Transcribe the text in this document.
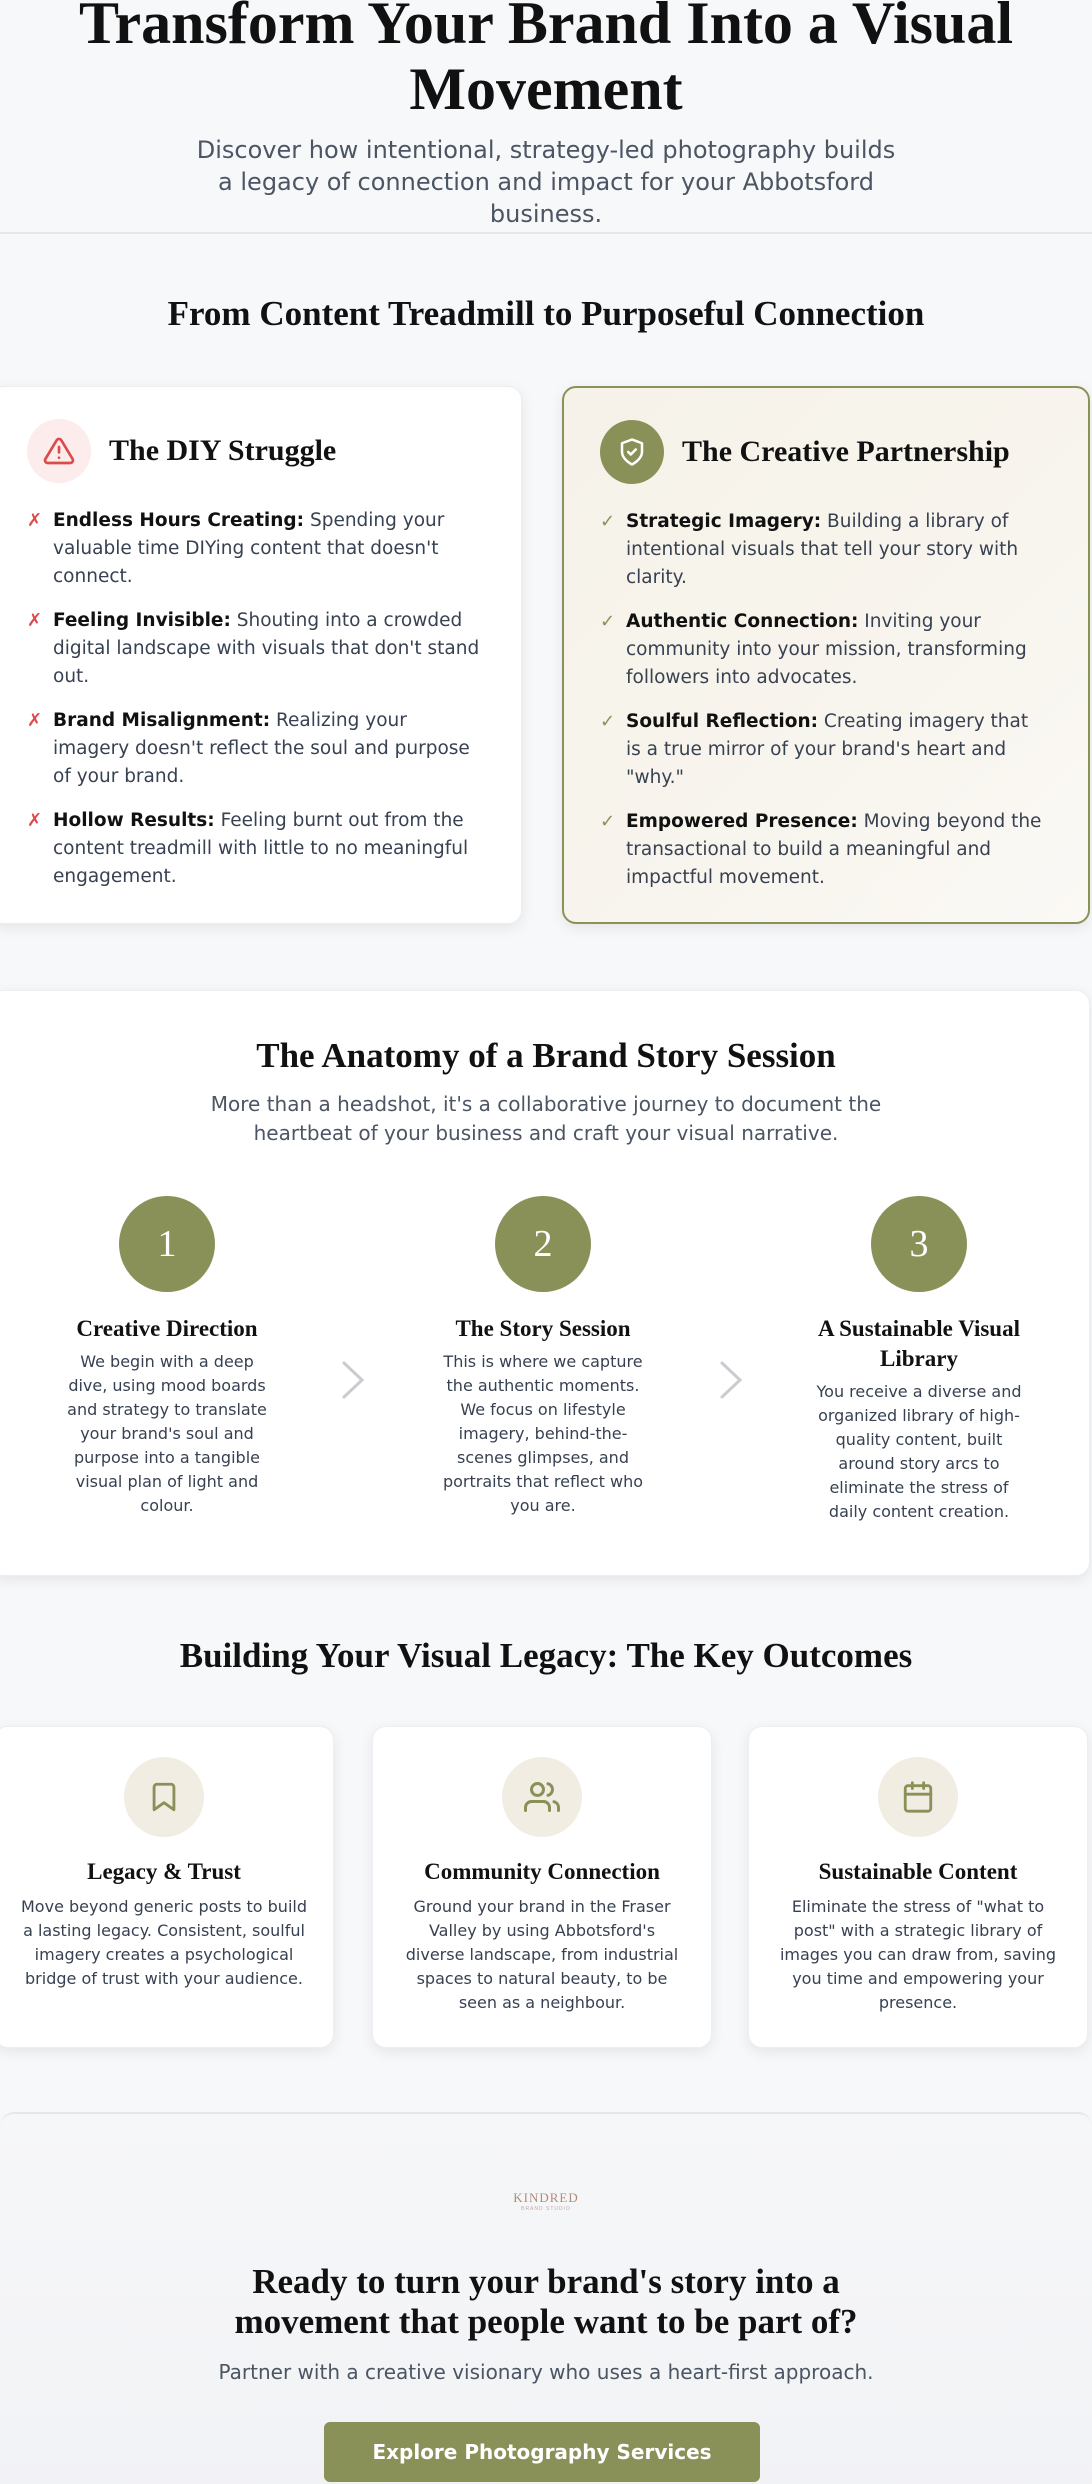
Transform Your Brand Into a Visual Movement

Discover how intentional, strategy-led photography builds a legacy of connection and impact for your Abbotsford business.

From Content Treadmill to Purposeful Connection
The DIY Struggle
✗ Endless Hours Creating: Spending your valuable time DIYing content that doesn't connect.
✗ Feeling Invisible: Shouting into a crowded digital landscape with visuals that don't stand out.
✗ Brand Misalignment: Realizing your imagery doesn't reflect the soul and purpose of your brand.
✗ Hollow Results: Feeling burnt out from the content treadmill with little to no meaningful engagement.
The Creative Partnership
✓ Strategic Imagery: Building a library of intentional visuals that tell your story with clarity.
✓ Authentic Connection: Inviting your community into your mission, transforming followers into advocates.
✓ Soulful Reflection: Creating imagery that is a true mirror of your brand's heart and "why."
✓ Empowered Presence: Moving beyond the transactional to build a meaningful and impactful movement.
The Anatomy of a Brand Story Session

More than a headshot, it's a collaborative journey to document the heartbeat of your business and craft your visual narrative.

1
Creative Direction
We begin with a deep dive, using mood boards and strategy to translate your brand's soul and purpose into a tangible visual plan of light and colour.
2
The Story Session
This is where we capture the authentic moments. We focus on lifestyle imagery, behind-the-scenes glimpses, and portraits that reflect who you are.
3
A Sustainable Visual Library
You receive a diverse and organized library of high-quality content, built around story arcs to eliminate the stress of daily content creation.
Building Your Visual Legacy: The Key Outcomes
Legacy & Trust
Move beyond generic posts to build a lasting legacy. Consistent, soulful imagery creates a psychological bridge of trust with your audience.
Community Connection
Ground your brand in the Fraser Valley by using Abbotsford's diverse landscape, from industrial spaces to natural beauty, to be seen as a neighbour.
Sustainable Content
Eliminate the stress of "what to post" with a strategic library of images you can draw from, saving you time and empowering your presence.
KINDRED
BRAND STUDIO
Ready to turn your brand's story into a movement that people want to be part of?

Partner with a creative visionary who uses a heart-first approach.

Explore Photography Services
